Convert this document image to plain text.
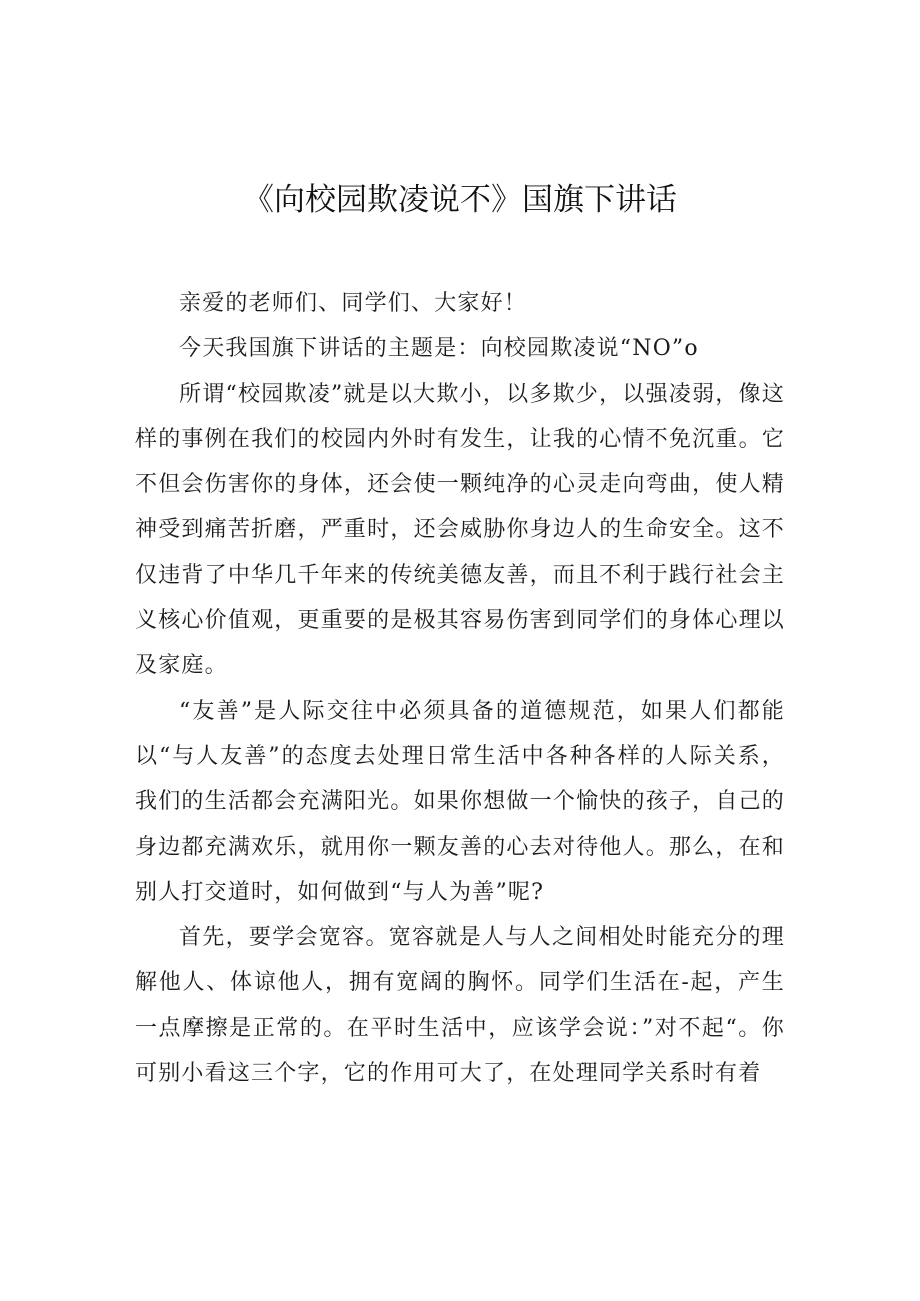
《向校园欺凌说不》国旗下讲话

亲爱的老师们、同学们、大家好！

今天我国旗下讲话的主题是：向校园欺凌说“NO”o

所谓“校园欺凌”就是以大欺小，以多欺少，以强凌弱，像这样的事例在我们的校园内外时有发生，让我的心情不免沉重。它不但会伤害你的身体，还会使一颗纯净的心灵走向弯曲，使人精神受到痛苦折磨，严重时，还会威胁你身边人的生命安全。这不仅违背了中华几千年来的传统美德友善，而且不利于践行社会主义核心价值观，更重要的是极其容易伤害到同学们的身体心理以及家庭。

“友善”是人际交往中必须具备的道德规范，如果人们都能以“与人友善”的态度去处理日常生活中各种各样的人际关系，我们的生活都会充满阳光。如果你想做一个愉快的孩子，自己的身边都充满欢乐，就用你一颗友善的心去对待他人。那么，在和别人打交道时，如何做到“与人为善”呢?

首先，要学会宽容。宽容就是人与人之间相处时能充分的理解他人、体谅他人，拥有宽阔的胸怀。同学们生活在-起，产生一点摩擦是正常的。在平时生活中，应该学会说：”对不起“。你可别小看这三个字，它的作用可大了，在处理同学关系时有着
